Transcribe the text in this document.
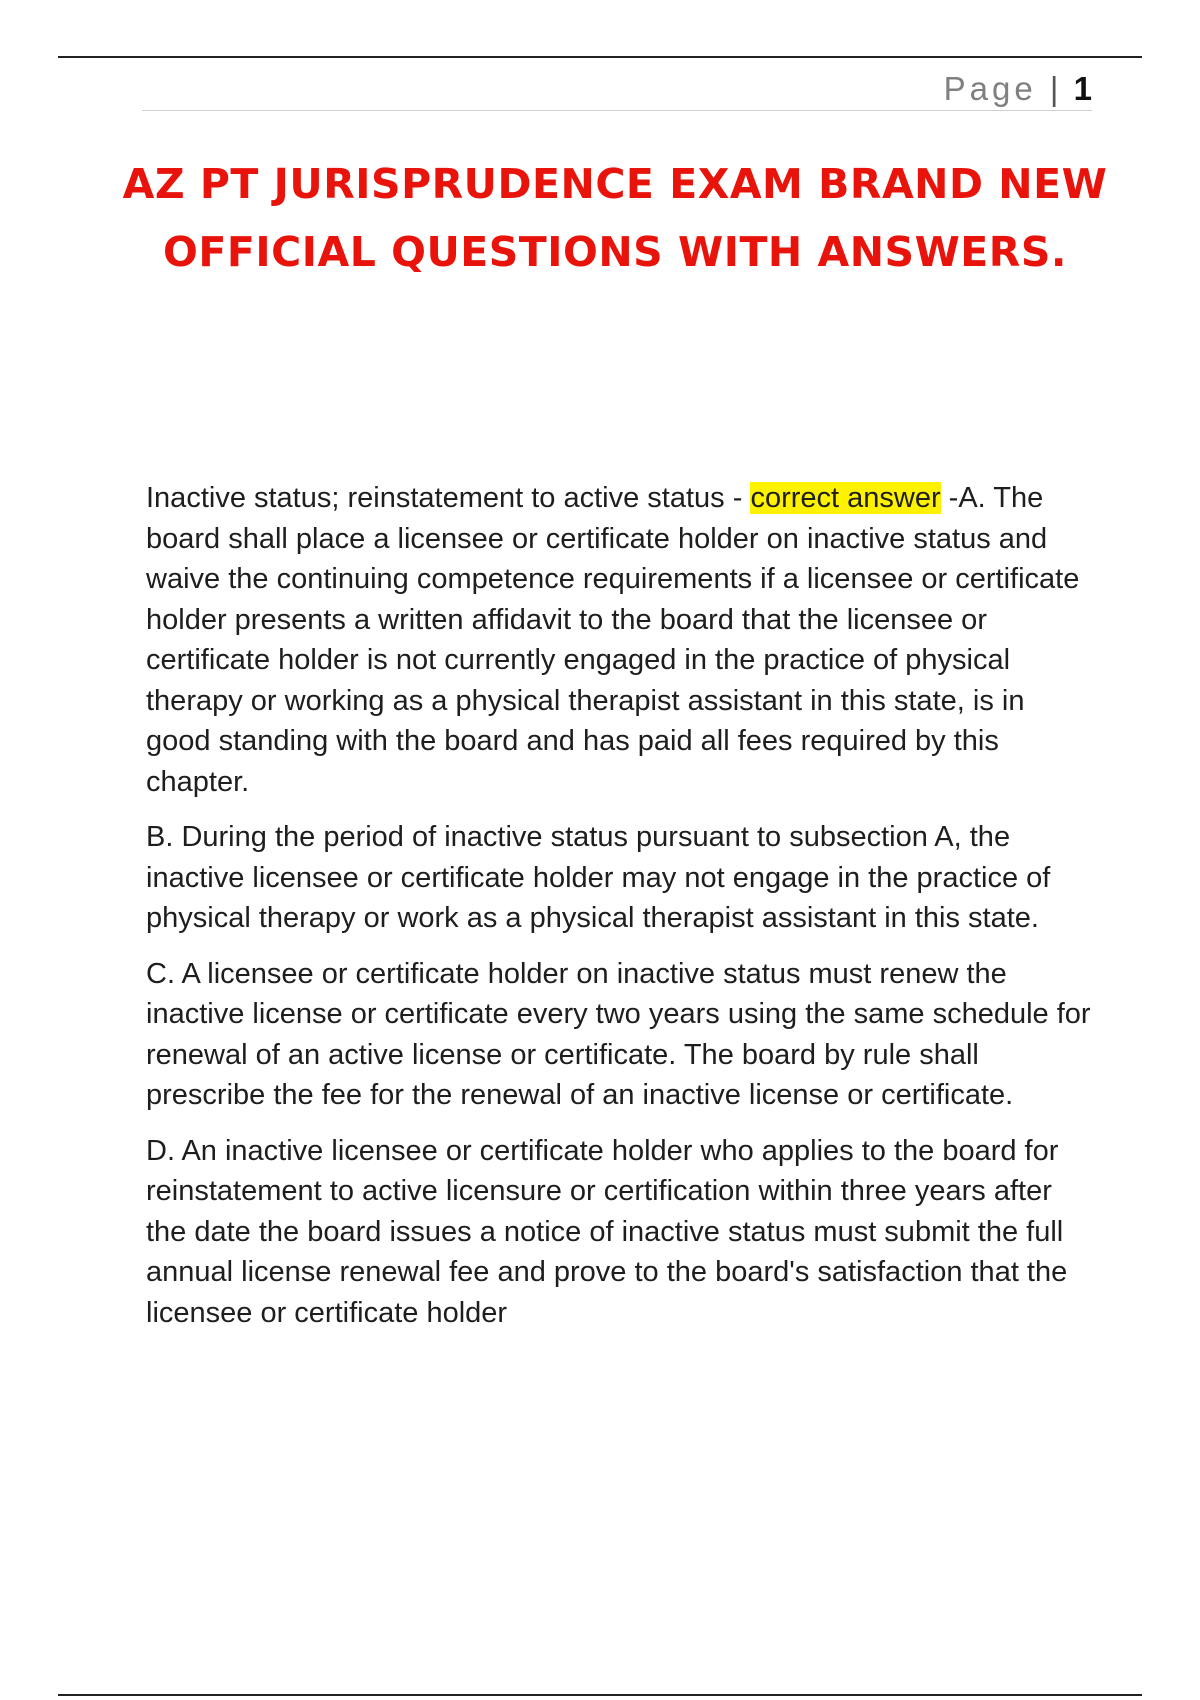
Page | 1
AZ PT JURISPRUDENCE EXAM BRAND NEW OFFICIAL QUESTIONS WITH ANSWERS.

Inactive status; reinstatement to active status - correct answer -A. The board shall place a licensee or certificate holder on inactive status and waive the continuing competence requirements if a licensee or certificate holder presents a written affidavit to the board that the licensee or certificate holder is not currently engaged in the practice of physical therapy or working as a physical therapist assistant in this state, is in good standing with the board and has paid all fees required by this chapter.

B. During the period of inactive status pursuant to subsection A, the inactive licensee or certificate holder may not engage in the practice of physical therapy or work as a physical therapist assistant in this state.

C. A licensee or certificate holder on inactive status must renew the inactive license or certificate every two years using the same schedule for renewal of an active license or certificate. The board by rule shall prescribe the fee for the renewal of an inactive license or certificate.

D. An inactive licensee or certificate holder who applies to the board for reinstatement to active licensure or certification within three years after the date the board issues a notice of inactive status must submit the full annual license renewal fee and prove to the board's satisfaction that the licensee or certificate holder
